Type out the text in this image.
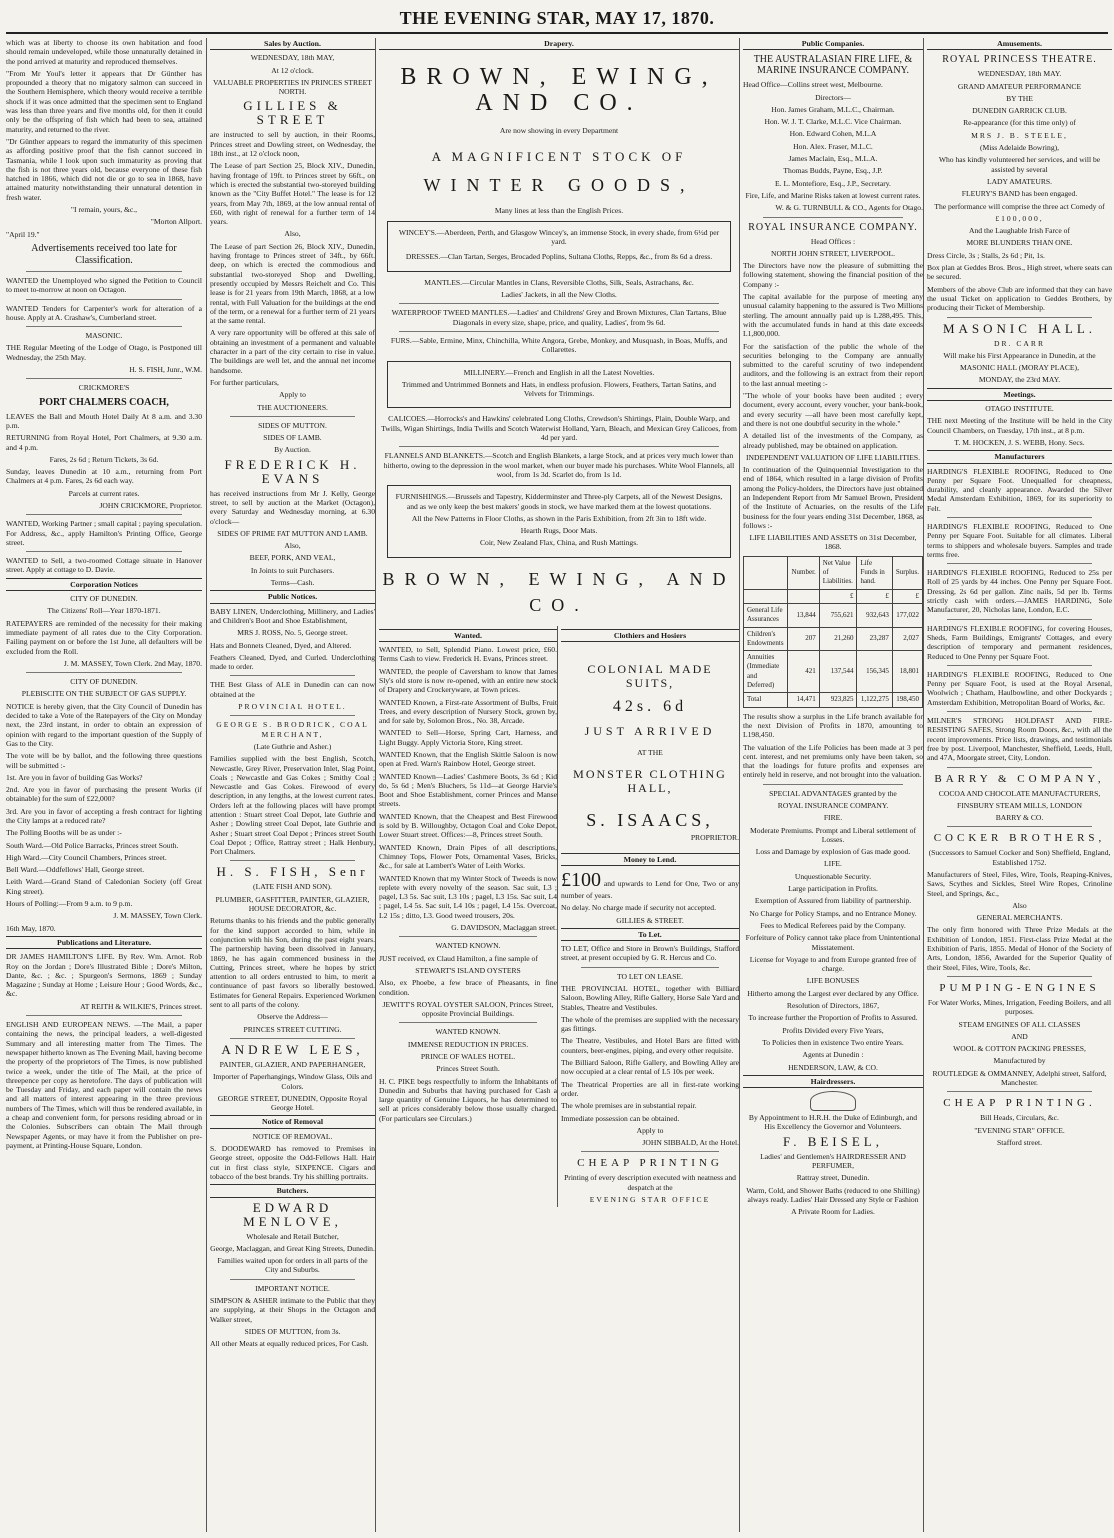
THE EVENING STAR, MAY 17, 1870.

which was at liberty to choose its own habitation and food should remain undeveloped, while those unnaturally detained in the pond arrived at maturity and reproduced themselves.

"From Mr Youl's letter it appears that Dr Günther has propounded a theory that no migatory salmon can succeed in the Southern Hemisphere, which theory would receive a terrible shock if it was once admitted that the specimen sent to England was less than three years and five months old, for then it could only be the offspring of fish which had been to sea, attained maturity, and returned to the river.

"Dr Günther appears to regard the immaturity of this specimen as affording positive proof that the fish cannot succeed in Tasmania, while I look upon such immaturity as proving that the fish is not three years old, because everyone of these fish hatched in 1866, which did not die or go to sea in 1868, have attained maturity notwithstanding their unnatural detention in fresh water.

"I remain, yours, &c.,

"Morton Allport.

"April 19."

Advertisements received too late for Classification.

WANTED the Unemployed who signed the Petition to Council to meet to-morrow at noon on Octagon.

WANTED Tenders for Carpenter's work for alteration of a house. Apply at A. Crashaw's, Cumberland street.

MASONIC.

THE Regular Meeting of the Lodge of Otago, is Postponed till Wednesday, the 25th May.

H. S. FISH, Junr., W.M.

CRICKMORE'S

PORT CHALMERS COACH,

LEAVES the Ball and Mouth Hotel Daily At 8 a.m. and 3.30 p.m.

RETURNING from Royal Hotel, Port Chalmers, at 9.30 a.m. and 4 p.m.

Fares, 2s 6d ; Return Tickets, 3s 6d.

Sunday, leaves Dunedin at 10 a.m., returning from Port Chalmers at 4 p.m. Fares, 2s 6d each way.

Parcels at current rates.

JOHN CRICKMORE, Proprietor.

WANTED, Working Partner ; small capital ; paying speculation. For Address, &c., apply Hamilton's Printing Office, George street.

WANTED to Sell, a two-roomed Cottage situate in Hanover street. Apply at cottage to D. Davie.

Corporation Notices

CITY OF DUNEDIN.

The Citizens' Roll—Year 1870-1871.

RATEPAYERS are reminded of the necessity for their making immediate payment of all rates due to the City Corporation. Failing payment on or before the 1st June, all defaulters will be excluded from the Roll.

J. M. MASSEY, Town Clerk. 2nd May, 1870.

CITY OF DUNEDIN.

PLEBISCITE ON THE SUBJECT OF GAS SUPPLY.

NOTICE is hereby given, that the City Council of Dunedin has decided to take a Vote of the Ratepayers of the City on Monday next, the 23rd instant, in order to obtain an expression of opinion with regard to the important question of the Supply of Gas to the City.

The vote will be by ballot, and the following three questions will be submitted :-

1st. Are you in favor of building Gas Works?

2nd. Are you in favor of purchasing the present Works (if obtainable) for the sum of £22,000?

3rd. Are you in favor of accepting a fresh contract for lighting the City lamps at a reduced rate?

The Polling Booths will be as under :-

South Ward.—Old Police Barracks, Princes street South.

High Ward.—City Council Chambers, Princes street.

Bell Ward.—Oddfellows' Hall, George street.

Leith Ward.—Grand Stand of Caledonian Society (off Great King street).

Hours of Polling:—From 9 a.m. to 9 p.m.

J. M. MASSEY, Town Clerk.

16th May, 1870.

Publications and Literature.

DR JAMES HAMILTON'S LIFE. By Rev. Wm. Arnot. Rob Roy on the Jordan ; Dore's Illustrated Bible ; Dore's Milton, Dante, &c. ; &c. ; Spurgeon's Sermons, 1869 ; Sunday Magazine ; Sunday at Home ; Leisure Hour ; Good Words, &c., &c.

AT REITH & WILKIE'S, Princes street.

ENGLISH AND EUROPEAN NEWS. —The Mail, a paper containing the news, the principal leaders, a well-digested Summary and all interesting matter from The Times. The newspaper hitherto known as The Evening Mail, having become the property of the proprietors of The Times, is now published twice a week, under the title of The Mail, at the price of threepence per copy as heretofore. The days of publication will be Tuesday and Friday, and each paper will contain the news and all matters of interest appearing in the three previous numbers of The Times, which will thus be rendered available, in a cheap and convenient form, for persons residing abroad or in the Colonies. Subscribers can obtain The Mail through Newspaper Agents, or may have it from the Publisher on pre-payment, at Printing-House Square, London.

Sales by Auction.

WEDNESDAY, 18th MAY,

At 12 o'clock.

VALUABLE PROPERTIES IN PRINCES STREET NORTH.

GILLIES & STREET

are instructed to sell by auction, in their Rooms, Princes street and Dowling street, on Wednesday, the 18th inst., at 12 o'clock noon,

The Lease of part Section 25, Block XIV., Dunedin, having frontage of 19ft. to Princes street by 66ft., on which is erected the substantial two-storeyed building known as the "City Buffet Hotel." The lease is for 12 years, from May 7th, 1869, at the low annual rental of £60, with right of renewal for a further term of 14 years.

Also,

The Lease of part Section 26, Block XIV., Dunedin, having frontage to Princes street of 34ft., by 66ft. deep, on which is erected the commodious and substantial two-storeyed Shop and Dwelling, presently occupied by Messrs Reichelt and Co. This lease is for 21 years from 19th March, 1868, at a low rental, with Full Valuation for the buildings at the end of the term, or a renewal for a further term of 21 years at the same rental.

A very rare opportunity will be offered at this sale of obtaining an investment of a permanent and valuable character in a part of the city certain to rise in value. The buildings are well let, and the annual net income handsome.

For further particulars,

Apply to

THE AUCTIONEERS.

SIDES OF MUTTON.

SIDES OF LAMB.

By Auction.

FREDERICK H. EVANS

has received instructions from Mr J. Kelly, George street, to sell by auction at the Market (Octagon), every Saturday and Wednesday morning, at 6.30 o'clock—

SIDES OF PRIME FAT MUTTON AND LAMB.

Also,

BEEF, PORK, AND VEAL,

In Joints to suit Purchasers.

Terms—Cash.

Public Notices.

BABY LINEN, Underclothing, Millinery, and Ladies' and Children's Boot and Shoe Establishment,

MRS J. ROSS, No. 5, George street.

Hats and Bonnets Cleaned, Dyed, and Altered.

Feathers Cleaned, Dyed, and Curled. Underclothing made to order.

THE Best Glass of ALE in Dunedin can can now obtained at the

PROVINCIAL HOTEL.

GEORGE S. BRODRICK, COAL MERCHANT,

(Late Guthrie and Asher.)

Families supplied with the best English, Scotch, Newcastle, Grey River, Preservation Inlet, Slag Point, Coals ; Newcastle and Gas Cokes ; Smithy Coal ; Newcastle and Gas Cokes. Firewood of every description, in any lengths, at the lowest current rates. Orders left at the following places will have prompt attention : Stuart street Coal Depot, late Guthrie and Asher ; Dowling street Coal Depot, late Guthrie and Asher ; Stuart street Coal Depot ; Princes street South Coal Depot ; Office, Rattray street ; Halk Henbury, Port Chalmers.

H. S. FISH, Senr

(LATE FISH AND SON).

PLUMBER, GASFITTER, PAINTER, GLAZIER, HOUSE DECORATOR, &c.

Returns thanks to his friends and the public generally for the kind support accorded to him, while in conjunction with his Son, during the past eight years. The partnership having been dissolved in January, 1869, he has again commenced business in the Cutting, Princes street, where he hopes by strict attention to all orders entrusted to him, to merit a continuance of past favors so liberally bestowed. Estimates for General Repairs. Experienced Workmen sent to all parts of the colony.

Observe the Address—

PRINCES STREET CUTTING.

ANDREW LEES,

PAINTER, GLAZIER, AND PAPERHANGER,

Importer of Paperhangings, Window Glass, Oils and Colors.

GEORGE STREET, DUNEDIN, Opposite Royal George Hotel.

Notice of Removal

NOTICE OF REMOVAL.

S. DOODEWARD has removed to Premises in George street, opposite the Odd-Fellows Hall. Hair cut in first class style, SIXPENCE. Cigars and tobacco of the best brands. Try his shilling portraits.

Butchers.
EDWARD MENLOVE,

Wholesale and Retail Butcher,

George, Maclaggan, and Great King Streets, Dunedin.

Families waited upon for orders in all parts of the City and Suburbs.

IMPORTANT NOTICE.

SIMPSON & ASHER intimate to the Public that they are supplying, at their Shops in the Octagon and Walker street,

SIDES OF MUTTON, from 3s.

All other Meats at equally reduced prices, For Cash.

Drapery.
BROWN, EWING, AND CO.

Are now showing in every Department

A MAGNIFICENT STOCK OF
WINTER GOODS,

Many lines at less than the English Prices.

WINCEY'S.—Aberdeen, Perth, and Glasgow Wincey's, an immense Stock, in every shade, from 6½d per yard.

DRESSES.—Clan Tartan, Serges, Brocaded Poplins, Sultana Cloths, Repps, &c., from 8s 6d a dress.

MANTLES.—Circular Mantles in Clans, Reversible Cloths, Silk, Seals, Astrachans, &c.

Ladies' Jackets, in all the New Cloths.

WATERPROOF TWEED MANTLES.—Ladies' and Childrens' Grey and Brown Mixtures, Clan Tartans, Blue Diagonals in every size, shape, price, and quality, Ladies', from 9s 6d.

FURS.—Sable, Ermine, Minx, Chinchilla, White Angora, Grebe, Monkey, and Musquash, in Boas, Muffs, and Collarettes.

MILLINERY.—French and English in all the Latest Novelties.

Trimmed and Untrimmed Bonnets and Hats, in endless profusion. Flowers, Feathers, Tartan Satins, and Velvets for Trimmings.

CALICOES.—Horrocks's and Hawkins' celebrated Long Cloths, Crewdson's Shirtings, Plain, Double Warp, and Twills, Wigan Shirtings, India Twills and Scotch Waterwist Holland, Yarn, Bleach, and Mexican Grey Calicoes, from 4d per yard.

FLANNELS AND BLANKETS.—Scotch and English Blankets, a large Stock, and at prices very much lower than hitherto, owing to the depression in the wool market, when our buyer made his purchases. White Wool Flannels, all wool, from 1s 3d. Scarlet do, from 1s 1d.

FURNISHINGS.—Brussels and Tapestry, Kidderminster and Three-ply Carpets, all of the Newest Designs, and as we only keep the best makers' goods in stock, we have marked them at the lowest quotations.

All the New Patterns in Floor Cloths, as shown in the Paris Exhibition, from 2ft 3in to 18ft wide.

Hearth Rugs, Door Mats.

Coir, New Zealand Flax, China, and Rush Mattings.

BROWN, EWING, AND CO.
Wanted.

WANTED, to Sell, Splendid Piano. Lowest price, £60. Terms Cash to view. Frederick H. Evans, Princes street.

WANTED, the people of Caversham to know that James Sly's old store is now re-opened, with an entire new stock of Drapery and Crockeryware, at Town prices.

WANTED Known, a First-rate Assortment of Bulbs, Fruit Trees, and every description of Nursery Stock, grown by, and for sale by, Solomon Bros., No. 38, Arcade.

WANTED to Sell—Horse, Spring Cart, Harness, and Light Buggy. Apply Victoria Store, King street.

WANTED Known, that the English Skittle Saloon is now open at Fred. Warn's Rainbow Hotel, George street.

WANTED Known—Ladies' Cashmere Boots, 3s 6d ; Kid do, 5s 6d ; Men's Bluchers, 5s 11d—at George Harvie's Boot and Shoe Establishment, corner Princes and Manse streets.

WANTED Known, that the Cheapest and Best Firewood is sold by B. Willoughby, Octagon Coal and Coke Depot, Lower Stuart street. Offices:—8, Princes street South.

WANTED Known, Drain Pipes of all descriptions, Chimney Tops, Flower Pots, Ornamental Vases, Bricks, &c., for sale at Lambert's Water of Leith Works.

WANTED Known that my Winter Stock of Tweeds is now replete with every novelty of the season. Sac suit, L3 ; pagel, L3 5s. Sac suit, L3 10s ; pagel, L3 15s. Sac suit, L4 ; pagel, L4 5s. Sac suit, L4 10s ; pagel, L4 15s. Overcoat, L2 15s ; ditto, L3. Good tweed trousers, 20s.

G. DAVIDSON, Maclaggan street.

WANTED KNOWN.

JUST received, ex Claud Hamilton, a fine sample of

STEWART'S ISLAND OYSTERS

Also, ex Phoebe, a few brace of Pheasants, in fine condition.

JEWITT'S ROYAL OYSTER SALOON, Princes Street, opposite Provincial Buildings.

WANTED KNOWN.

IMMENSE REDUCTION IN PRICES.

PRINCE OF WALES HOTEL.

Princes Street South.

H. C. PIKE begs respectfully to inform the Inhabitants of Dunedin and Suburbs that having purchased for Cash a large quantity of Genuine Liquors, he has determined to sell at prices considerably below those usually charged. (For particulars see Circulars.)

Clothiers and Hosiers
COLONIAL MADE SUITS,
42s. 6d
JUST ARRIVED

AT THE

MONSTER CLOTHING HALL,
S. ISAACS,

PROPRIETOR.

Money to Lend.

£100 and upwards to Lend for One, Two or any number of years.

No delay. No charge made if security not accepted.

GILLIES & STREET.

To Let.

TO LET, Office and Store in Brown's Buildings, Stafford street, at present occupied by G. R. Hercus and Co.

TO LET ON LEASE.

THE PROVINCIAL HOTEL, together with Billiard Saloon, Bowling Alley, Rifle Gallery, Horse Sale Yard and Stables, Theatre and Vestibules.

The whole of the premises are supplied with the necessary gas fittings.

The Theatre, Vestibules, and Hotel Bars are fitted with counters, beer-engines, piping, and every other requisite.

The Billiard Saloon, Rifle Gallery, and Bowling Alley are now occupied at a clear rental of L5 10s per week.

The Theatrical Properties are all in first-rate working order.

The whole premises are in substantial repair.

Immediate possession can be obtained.

Apply to

JOHN SIBBALD, At the Hotel.

CHEAP PRINTING

Printing of every description executed with neatness and despatch at the

EVENING STAR OFFICE

Public Companies.
THE AUSTRALASIAN FIRE LIFE, & MARINE INSURANCE COMPANY.

Head Office—Collins street west, Melbourne.

Directors—

Hon. James Graham, M.L.C., Chairman.

Hon. W. J. T. Clarke, M.L.C. Vice Chairman.

Hon. Edward Cohen, M.L.A

Hon. Alex. Fraser, M.L.C.

James Maclain, Esq., M.L.A.

Thomas Budds, Payne, Esq., J.P.

E. L. Montefiore, Esq., J.P., Secretary.

Fire, Life, and Marine Risks taken at lowest current rates.

W. & G. TURNBULL & CO., Agents for Otago.

ROYAL INSURANCE COMPANY.

Head Offices :

NORTH JOHN STREET, LIVERPOOL.

The Directors have now the pleasure of submitting the following statement, showing the financial position of the Company :-

The capital available for the purpose of meeting any unusual calamity happening to the assured is Two Millions sterling. The amount annually paid up is L288,495. This, with the accumulated funds in hand at this date exceeds L1,800,000.

For the satisfaction of the public the whole of the securities belonging to the Company are annually submitted to the careful scrutiny of two independent auditors, and the following is an extract from their report to the last annual meeting :-

"The whole of your books have been audited ; every document, every account, every voucher, your bank-book, and every security —all have been most carefully kept, and there is not one doubtful security in the whole."

A detailed list of the investments of the Company, as already published, may be obtained on application.

INDEPENDENT VALUATION OF LIFE LIABILITIES.

In continuation of the Quinquennial Investigation to the end of 1864, which resulted in a large division of Profits among the Policy-holders, the Directors have just obtained an Independent Report from Mr Samuel Brown, President of the Institute of Actuaries, on the results of the Life business for the four years ending 31st December, 1868, as follows :-

LIFE LIABILITIES AND ASSETS on 31st December, 1868.

	Number.	Net Value of Liabilities.	Life Funds in hand.	Surplus.
		£	£	£
General Life Assurances	13,844	755,621	932,643	177,022
Children's Endowments	207	21,260	23,287	2,027
Annuities (Immediate and Deferred)	421	137,544	156,345	18,801
Total	14,471	923,825	1,122,275	198,450

The results show a surplus in the Life branch available for the next Division of Profits in 1870, amounting to L198,450.

The valuation of the Life Policies has been made at 3 per cent. interest, and net premiums only have been taken, so that the loadings for future profits and expenses are entirely held in reserve, and not brought into the valuation.

SPECIAL ADVANTAGES granted by the

ROYAL INSURANCE COMPANY.

FIRE.

Moderate Premiums. Prompt and Liberal settlement of Losses.

Loss and Damage by explosion of Gas made good.

LIFE.

Unquestionable Security.

Large participation in Profits.

Exemption of Assured from liability of partnership.

No Charge for Policy Stamps, and no Entrance Money.

Fees to Medical Referees paid by the Company.

Forfeiture of Policy cannot take place from Unintentional Misstatement.

License for Voyage to and from Europe granted free of charge.

LIFE BONUSES

Hitherto among the Largest ever declared by any Office.

Resolution of Directors, 1867,

To increase further the Proportion of Profits to Assured.

Profits Divided every Five Years,

To Policies then in existence Two entire Years.

Agents at Dunedin :

HENDERSON, LAW, & CO.

Hairdressers.

By Appointment to H.R.H. the Duke of Edinburgh, and His Excellency the Governor and Volunteers.

F. BEISEL,

Ladies' and Gentlemen's HAIRDRESSER AND PERFUMER,

Rattray street, Dunedin.

Warm, Cold, and Shower Baths (reduced to one Shilling) always ready. Ladies' Hair Dressed any Style or Fashion

A Private Room for Ladies.

Amusements.
ROYAL PRINCESS THEATRE.

WEDNESDAY, 18th MAY.

GRAND AMATEUR PERFORMANCE

BY THE

DUNEDIN GARRICK CLUB.

Re-appearance (for this time only) of

MRS J. B. STEELE,

(Miss Adelaide Bowring),

Who has kindly volunteered her services, and will be assisted by several

LADY AMATEURS.

FLEURY'S BAND has been engaged.

The performance will comprise the three act Comedy of

£100,000,

And the Laughable Irish Farce of

MORE BLUNDERS THAN ONE.

Dress Circle, 3s ; Stalls, 2s 6d ; Pit, 1s.

Box plan at Geddes Bros. Bros., High street, where seats can be secured.

Members of the above Club are informed that they can have the usual Ticket on application to Geddes Brothers, by producing their Ticket of Membership.

MASONIC HALL.

DR. CARR

Will make his First Appearance in Dunedin, at the

MASONIC HALL (MORAY PLACE),

MONDAY, the 23rd MAY.

Meetings.

OTAGO INSTITUTE.

THE next Meeting of the Institute will be held in the City Council Chambers, on Tuesday, 17th inst., at 8 p.m.

T. M. HOCKEN, J. S. WEBB, Hony. Secs.

Manufacturers

HARDING'S FLEXIBLE ROOFING, Reduced to One Penny per Square Foot. Unequalled for cheapness, durability, and cleanly appearance. Awarded the Silver Medal Amsterdam Exhibition, 1869, for its superiority to Felt.

HARDING'S FLEXIBLE ROOFING, Reduced to One Penny per Square Foot. Suitable for all climates. Liberal terms to shippers and wholesale buyers. Samples and trade terms free.

HARDING'S FLEXIBLE ROOFING, Reduced to 25s per Roll of 25 yards by 44 inches. One Penny per Square Foot. Dressing, 2s 6d per gallon. Zinc nails, 5d per lb. Terms strictly cash with orders.—JAMES HARDING, Sole Manufacturer, 20, Nicholas lane, London, E.C.

HARDING'S FLEXIBLE ROOFING, for covering Houses, Sheds, Farm Buildings, Emigrants' Cottages, and every description of temporary and permanent residences, Reduced to One Penny per Square Foot.

HARDING'S FLEXIBLE ROOFING, Reduced to One Penny per Square Foot, is used at the Royal Arsenal, Woolwich ; Chatham, Haulbowline, and other Dockyards ; Amsterdam Exhibition, Metropolitan Board of Works, &c.

MILNER'S STRONG HOLDFAST AND FIRE-RESISTING SAFES, Strong Room Doors, &c., with all the recent improvements. Price lists, drawings, and testimonials free by post. Liverpool, Manchester, Sheffield, Leeds, Hull, and 47A, Moorgate street, City, London.

BARRY & COMPANY,

COCOA AND CHOCOLATE MANUFACTURERS,

FINSBURY STEAM MILLS, LONDON

BARRY & CO.

COCKER BROTHERS,

(Successors to Samuel Cocker and Son) Sheffield, England, Established 1752.

Manufacturers of Steel, Files, Wire, Tools, Reaping-Knives, Saws, Scythes and Sickles, Steel Wire Ropes, Crinoline Steel, and Springs, &c.,

Also

GENERAL MERCHANTS.

The only firm honored with Three Prize Medals at the Exhibition of London, 1851. First-class Prize Medal at the Exhibition of Paris, 1855. Medal of Honor of the Society of Arts, London, 1856, Awarded for the Superior Quality of their Steel, Files, Wire, Tools, &c.

PUMPING-ENGINES

For Water Works, Mines, Irrigation, Feeding Boilers, and all purposes.

STEAM ENGINES OF ALL CLASSES

AND

WOOL & COTTON PACKING PRESSES,

Manufactured by

ROUTLEDGE & OMMANNEY, Adelphi street, Salford, Manchester.

CHEAP PRINTING.

Bill Heads, Circulars, &c.

"EVENING STAR" OFFICE.

Stafford street.
